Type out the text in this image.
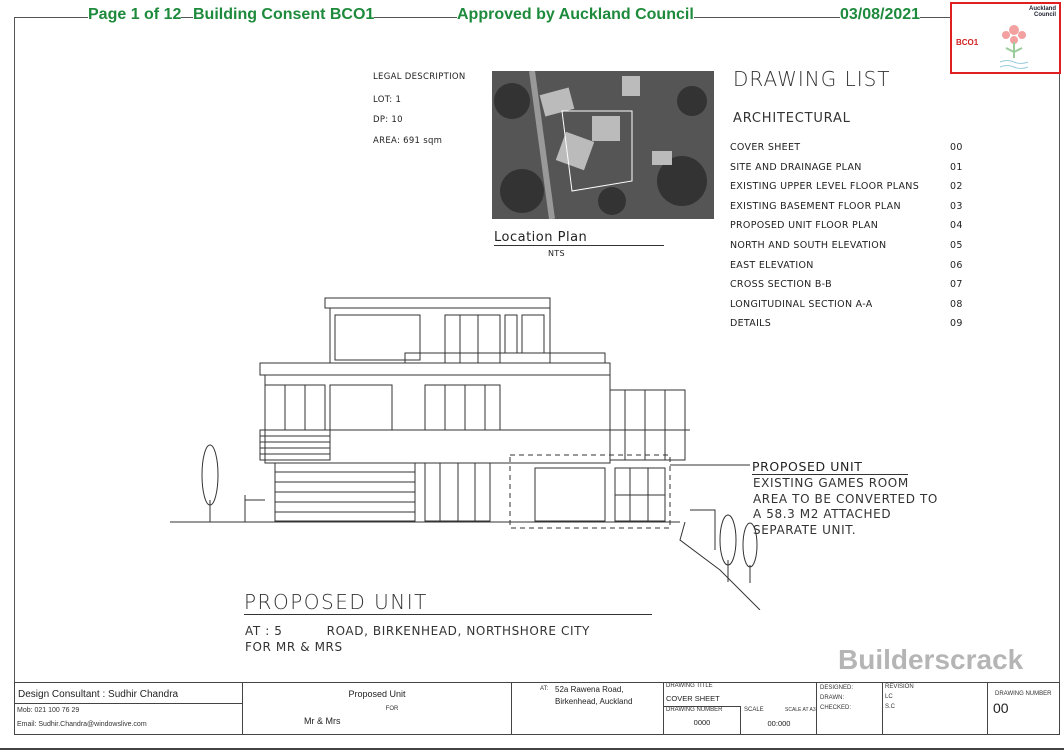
Page 1 of 12 Building Consent BCO1	Approved by Auckland Council	03/08/2021	Auckland Council
BCO1
LEGAL DESCRIPTION
LOT: 1
DP: 10
AREA: 691 sqm
Location Plan
NTS
DRAWING LIST
ARCHITECTURAL
COVER SHEET	00
SITE AND DRAINAGE PLAN	01
EXISTING UPPER LEVEL FLOOR PLANS	02
EXISTING BASEMENT FLOOR PLAN	03
PROPOSED UNIT FLOOR PLAN	04
NORTH AND SOUTH ELEVATION	05
EAST ELEVATION	06
CROSS SECTION B-B	07
LONGITUDINAL SECTION A-A	08
DETAILS	09
PROPOSED UNIT
EXISTING GAMES ROOM
AREA TO BE CONVERTED TO
A 58.3 M2 ATTACHED
SEPARATE UNIT.
PROPOSED UNIT
AT : 5          ROAD, BIRKENHEAD, NORTHSHORE CITY
FOR MR & MRS	Builderscrack
Design Consultant : Sudhir Chandra
Mob: 021 100 76 29
Email: Sudhir.Chandra@windowslive.com
Proposed Unit
FOR
Mr & Mrs
AT: 52a Rawena Road,
Birkenhead, Auckland
DRAWING TITLE
COVER SHEET
DRAWING NUMBER
0000
SCALE	SCALE AT A3
00:000
DESIGNED:
DRAWN:
CHECKED:
REVISION
LC
S.C
DRAWING NUMBER
00
